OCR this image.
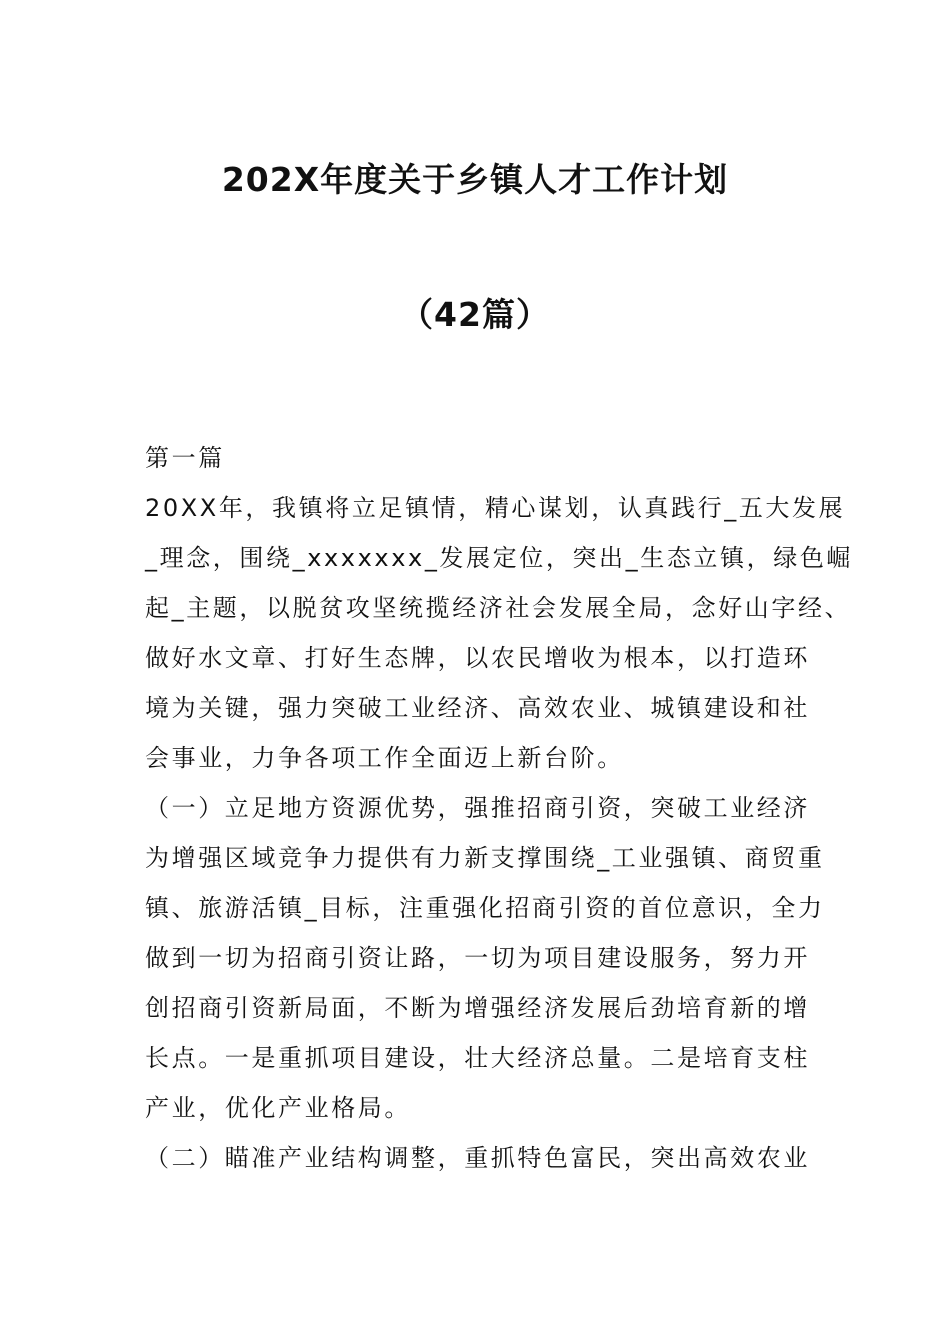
202X年度关于乡镇人才工作计划
（42篇）
第一篇
20XX年，我镇将立足镇情，精心谋划，认真践行_五大发展
_理念，围绕_xxxxxxx_发展定位，突出_生态立镇，绿色崛
起_主题，以脱贫攻坚统揽经济社会发展全局，念好山字经、
做好水文章、打好生态牌，以农民增收为根本，以打造环
境为关键，强力突破工业经济、高效农业、城镇建设和社
会事业，力争各项工作全面迈上新台阶。
（一）立足地方资源优势，强推招商引资，突破工业经济
为增强区域竞争力提供有力新支撑围绕_工业强镇、商贸重
镇、旅游活镇_目标，注重强化招商引资的首位意识，全力
做到一切为招商引资让路，一切为项目建设服务，努力开
创招商引资新局面，不断为增强经济发展后劲培育新的增
长点。一是重抓项目建设，壮大经济总量。二是培育支柱
产业，优化产业格局。
（二）瞄准产业结构调整，重抓特色富民，突出高效农业
